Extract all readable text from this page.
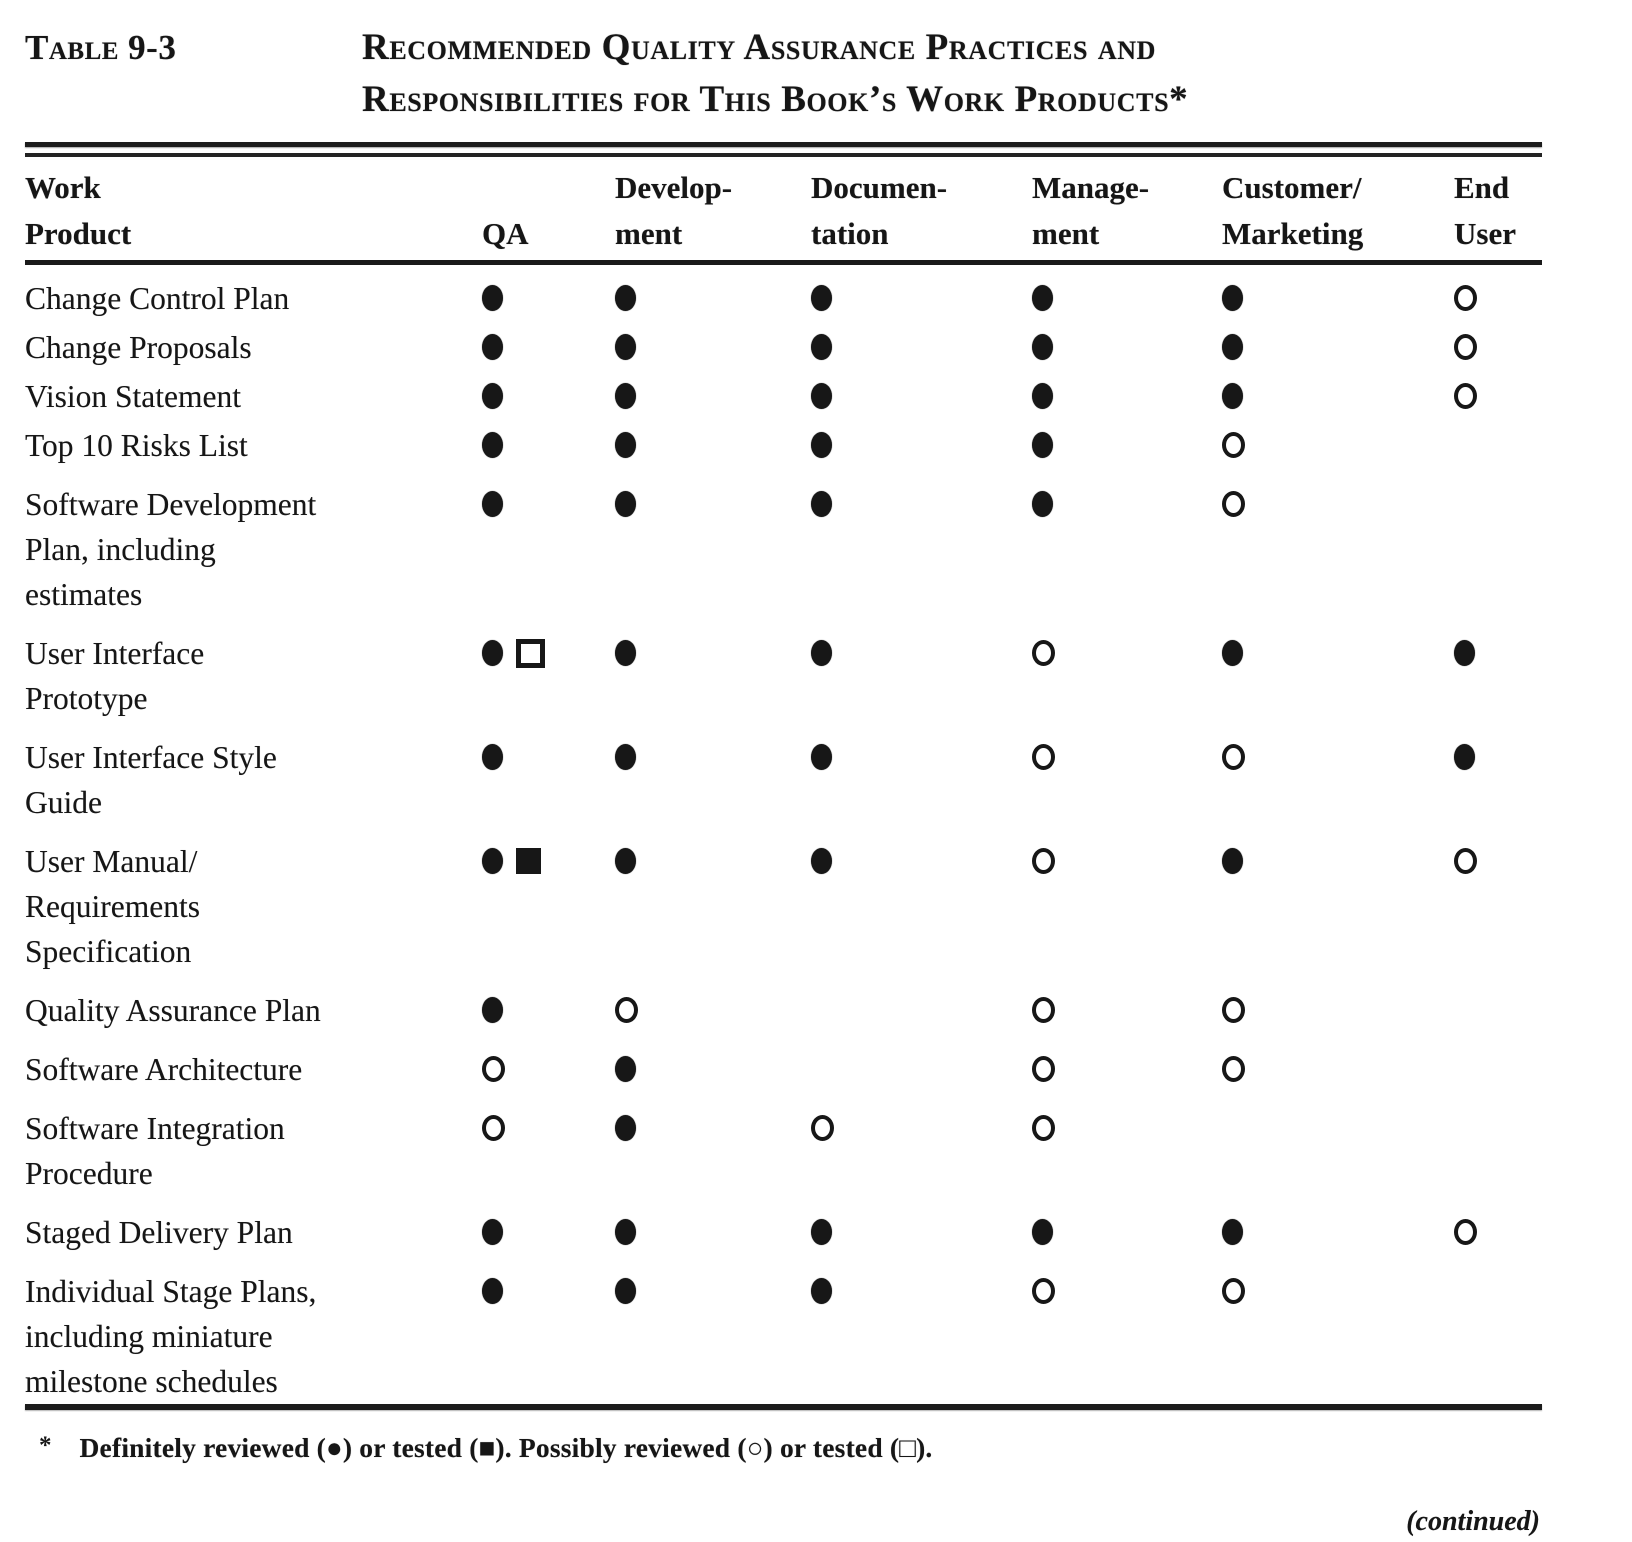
Table 9-3	Recommended Quality Assurance Practices and
Responsibilities for This Book’s Work Products*
Work
Product	QA
Develop-
ment
Documen-
tation
Manage-
ment
Customer/
Marketing
End
User
Change Control Plan
Change Proposals
Vision Statement
Top 10 Risks List
Software Development
Plan, including
estimates
User Interface
Prototype
User Interface Style
Guide
User Manual/
Requirements
Specification
Quality Assurance Plan
Software Architecture
Software Integration
Procedure
Staged Delivery Plan
Individual Stage Plans,
including miniature
milestone schedules
* Definitely reviewed (●) or tested (■). Possibly reviewed (○) or tested (□).
(continued)
